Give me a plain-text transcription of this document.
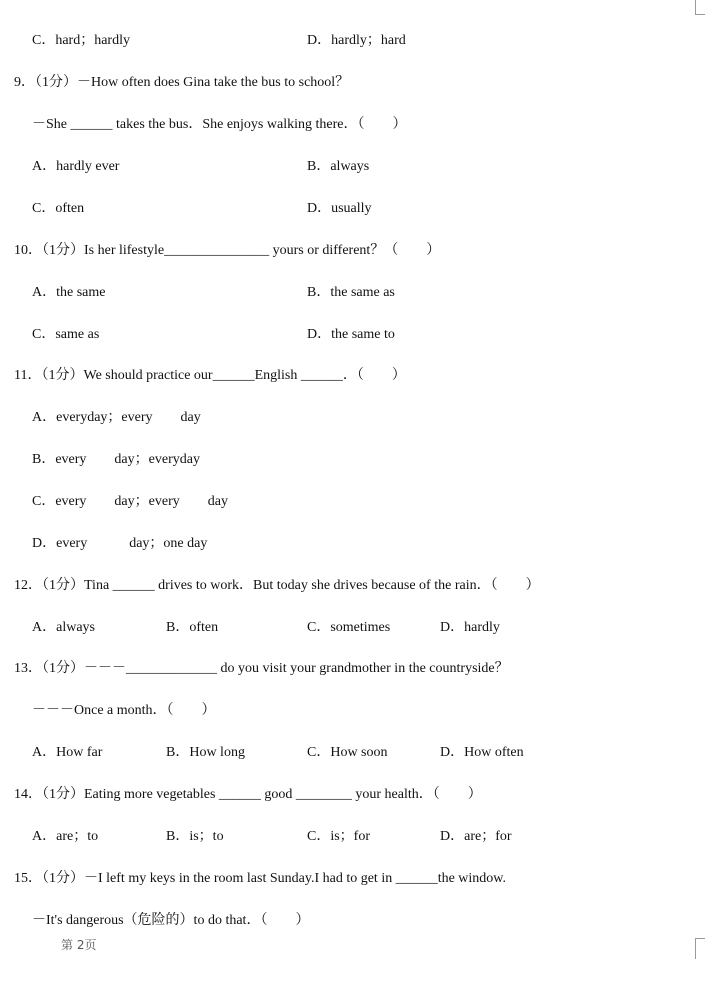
C．hard；hardly	D．hardly；hard
9．（1分）－How often does Gina take the bus to school？
－She ______ takes the bus．She enjoys walking there．（　　）
A．hardly ever	B．always
C．often	D．usually
10．（1分）Is her lifestyle_______________ yours or different？（　　）
A．the same	B．the same as
C．same as	D．the same to
11．（1分）We should practice our______English ______．（　　）
A．everyday；every　　day
B．every　　day；everyday
C．every　　day；every　　day
D．every　　　day；one day
12．（1分）Tina ______ drives to work．But today she drives because of the rain．（　　）
A．always	B．often	C．sometimes	D．hardly
13．（1分）－－－_____________ do you visit your grandmother in the countryside？
－－－Once a month．（　　）
A．How far	B．How long	C．How soon	D．How often
14．（1分）Eating more vegetables ______ good ________ your health．（　　）
A．are；to	B．is；to	C．is；for	D．are；for
15．（1分）－I left my keys in the room last Sunday.I had to get in ______the window.
－It's dangerous（危险的）to do that．（　　）
第 2页
